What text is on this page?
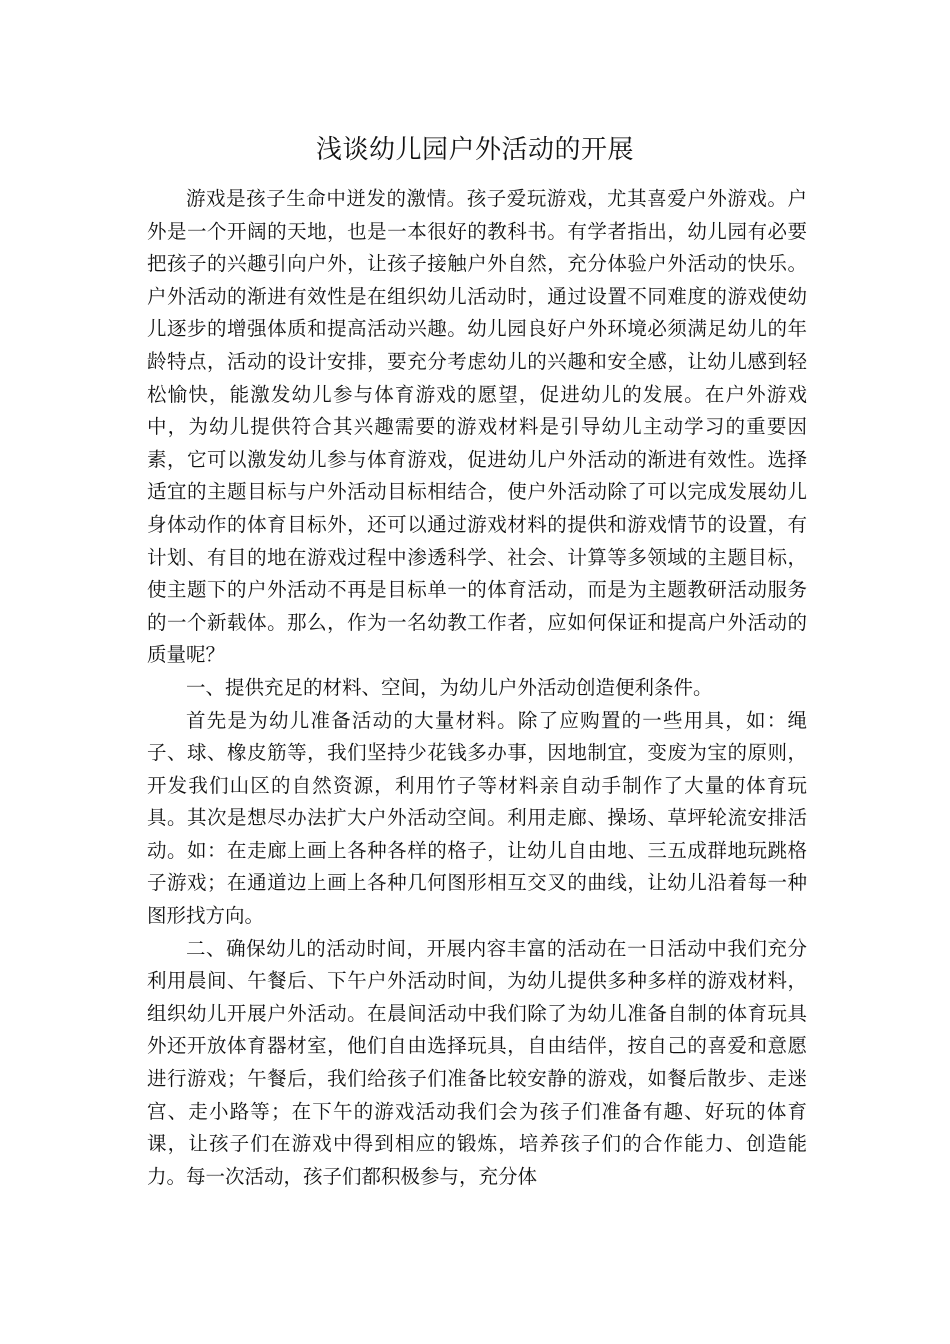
浅谈幼儿园户外活动的开展

游戏是孩子生命中迸发的激情。孩子爱玩游戏，尤其喜爱户外游戏。户外是一个开阔的天地，也是一本很好的教科书。有学者指出，幼儿园有必要把孩子的兴趣引向户外，让孩子接触户外自然，充分体验户外活动的快乐。户外活动的渐进有效性是在组织幼儿活动时，通过设置不同难度的游戏使幼儿逐步的增强体质和提高活动兴趣。幼儿园良好户外环境必须满足幼儿的年龄特点，活动的设计安排，要充分考虑幼儿的兴趣和安全感，让幼儿感到轻松愉快，能激发幼儿参与体育游戏的愿望，促进幼儿的发展。在户外游戏中，为幼儿提供符合其兴趣需要的游戏材料是引导幼儿主动学习的重要因素，它可以激发幼儿参与体育游戏，促进幼儿户外活动的渐进有效性。选择适宜的主题目标与户外活动目标相结合，使户外活动除了可以完成发展幼儿身体动作的体育目标外，还可以通过游戏材料的提供和游戏情节的设置，有计划、有目的地在游戏过程中渗透科学、社会、计算等多领域的主题目标，使主题下的户外活动不再是目标单一的体育活动，而是为主题教研活动服务的一个新载体。那么，作为一名幼教工作者，应如何保证和提高户外活动的质量呢？

一、提供充足的材料、空间，为幼儿户外活动创造便利条件。

首先是为幼儿准备活动的大量材料。除了应购置的一些用具，如：绳子、球、橡皮筋等，我们坚持少花钱多办事，因地制宜，变废为宝的原则，开发我们山区的自然资源，利用竹子等材料亲自动手制作了大量的体育玩具。其次是想尽办法扩大户外活动空间。利用走廊、操场、草坪轮流安排活动。如：在走廊上画上各种各样的格子，让幼儿自由地、三五成群地玩跳格子游戏；在通道边上画上各种几何图形相互交叉的曲线，让幼儿沿着每一种图形找方向。

二、确保幼儿的活动时间，开展内容丰富的活动在一日活动中我们充分利用晨间、午餐后、下午户外活动时间，为幼儿提供多种多样的游戏材料，组织幼儿开展户外活动。在晨间活动中我们除了为幼儿准备自制的体育玩具外还开放体育器材室，他们自由选择玩具，自由结伴，按自己的喜爱和意愿进行游戏；午餐后，我们给孩子们准备比较安静的游戏，如餐后散步、走迷宫、走小路等；在下午的游戏活动我们会为孩子们准备有趣、好玩的体育课，让孩子们在游戏中得到相应的锻炼，培养孩子们的合作能力、创造能力。每一次活动，孩子们都积极参与，充分体
